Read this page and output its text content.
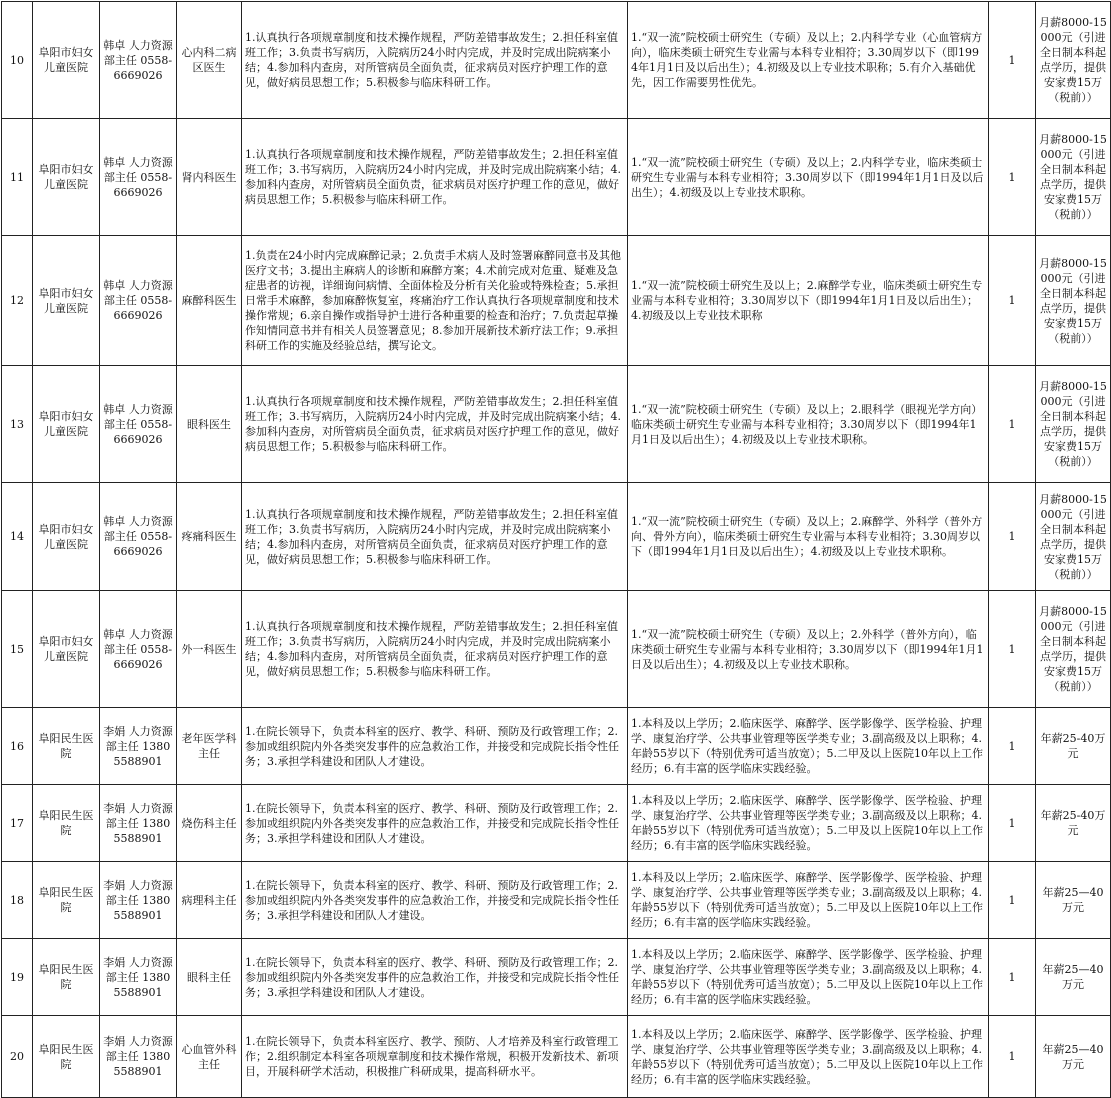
10	阜阳市妇女儿童医院	韩卓 人力资源部主任 0558-6669026	心内科二病区医生	1.认真执行各项规章制度和技术操作规程，严防差错事故发生；2.担任科室值班工作；3.负责书写病历，入院病历24小时内完成，并及时完成出院病案小结；4.参加科内查房，对所管病员全面负责，征求病员对医疗护理工作的意见，做好病员思想工作；5.积极参与临床科研工作。	1.“双一流”院校硕士研究生（专硕）及以上；2.内科学专业（心血管病方向），临床类硕士研究生专业需与本科专业相符；3.30周岁以下（即1994年1月1日及以后出生）；4.初级及以上专业技术职称；5.有介入基础优先，因工作需要男性优先。	1	月薪8000-15000元（引进全日制本科起点学历，提供安家费15万（税前））
11	阜阳市妇女儿童医院	韩卓 人力资源部主任 0558-6669026	肾内科医生	1.认真执行各项规章制度和技术操作规程，严防差错事故发生；2.担任科室值班工作；3.书写病历，入院病历24小时内完成，并及时完成出院病案小结；4.参加科内查房，对所管病员全面负责，征求病员对医疗护理工作的意见，做好病员思想工作；5.积极参与临床科研工作。	1.“双一流”院校硕士研究生（专硕）及以上；2.内科学专业，临床类硕士研究生专业需与本科专业相符；3.30周岁以下（即1994年1月1日及以后出生）；4.初级及以上专业技术职称。	1	月薪8000-15000元（引进全日制本科起点学历，提供安家费15万（税前））
12	阜阳市妇女儿童医院	韩卓 人力资源部主任 0558-6669026	麻醉科医生	1.负责在24小时内完成麻醉记录；2.负责手术病人及时签署麻醉同意书及其他医疗文书；3.提出主麻病人的诊断和麻醉方案；4.术前完成对危重、疑难及急症患者的访视，详细询问病情、全面体检及分析有关化验或特殊检查；5.承担日常手术麻醉，参加麻醉恢复室，疼痛治疗工作认真执行各项规章制度和技术操作常规；6.亲自操作或指导护士进行各种重要的检查和治疗；7.负责起草操作知情同意书并有相关人员签署意见；8.参加开展新技术新疗法工作；9.承担科研工作的实施及经验总结，撰写论文。	1.“双一流”院校硕士研究生及以上；2.麻醉学专业，临床类硕士研究生专业需与本科专业相符；3.30周岁以下（即1994年1月1日及以后出生）；4.初级及以上专业技术职称	1	月薪8000-15000元（引进全日制本科起点学历，提供安家费15万（税前））
13	阜阳市妇女儿童医院	韩卓 人力资源部主任 0558-6669026	眼科医生	1.认真执行各项规章制度和技术操作规程，严防差错事故发生；2.担任科室值班工作；3.书写病历，入院病历24小时内完成，并及时完成出院病案小结；4.参加科内查房，对所管病员全面负责，征求病员对医疗护理工作的意见，做好病员思想工作；5.积极参与临床科研工作。	1.“双一流”院校硕士研究生（专硕）及以上；2.眼科学（眼视光学方向）临床类硕士研究生专业需与本科专业相符；3.30周岁以下（即1994年1月1日及以后出生）；4.初级及以上专业技术职称。	1	月薪8000-15000元（引进全日制本科起点学历，提供安家费15万（税前））
14	阜阳市妇女儿童医院	韩卓 人力资源部主任 0558-6669026	疼痛科医生	1.认真执行各项规章制度和技术操作规程，严防差错事故发生；2.担任科室值班工作；3.负责书写病历，入院病历24小时内完成，并及时完成出院病案小结；4.参加科内查房，对所管病员全面负责，征求病员对医疗护理工作的意见，做好病员思想工作；5.积极参与临床科研工作。	1.“双一流”院校硕士研究生（专硕）及以上；2.麻醉学、外科学（普外方向、骨外方向），临床类硕士研究生专业需与本科专业相符；3.30周岁以下（即1994年1月1日及以后出生）；4.初级及以上专业技术职称。	1	月薪8000-15000元（引进全日制本科起点学历，提供安家费15万（税前））
15	阜阳市妇女儿童医院	韩卓 人力资源部主任 0558-6669026	外一科医生	1.认真执行各项规章制度和技术操作规程，严防差错事故发生；2.担任科室值班工作；3.负责书写病历，入院病历24小时内完成，并及时完成出院病案小结；4.参加科内查房，对所管病员全面负责，征求病员对医疗护理工作的意见，做好病员思想工作；5.积极参与临床科研工作。	1.“双一流”院校硕士研究生（专硕）及以上；2.外科学（普外方向），临床类硕士研究生专业需与本科专业相符；3.30周岁以下（即1994年1月1日及以后出生）；4.初级及以上专业技术职称。	1	月薪8000-15000元（引进全日制本科起点学历，提供安家费15万（税前））
16	阜阳民生医院	李娟 人力资源部主任 13805588901	老年医学科主任	1.在院长领导下，负责本科室的医疗、教学、科研、预防及行政管理工作；2.参加或组织院内外各类突发事件的应急救治工作，并接受和完成院长指令性任务；3.承担学科建设和团队人才建设。	1.本科及以上学历；2.临床医学、麻醉学、医学影像学、医学检验、护理学、康复治疗学、公共事业管理等医学类专业；3.副高级及以上职称；4.年龄55岁以下（特别优秀可适当放宽）；5.二甲及以上医院10年以上工作经历；6.有丰富的医学临床实践经验。	1	年薪25-40万元
17	阜阳民生医院	李娟 人力资源部主任 13805588901	烧伤科主任	1.在院长领导下，负责本科室的医疗、教学、科研、预防及行政管理工作；2.参加或组织院内外各类突发事件的应急救治工作，并接受和完成院长指令性任务；3.承担学科建设和团队人才建设。	1.本科及以上学历；2.临床医学、麻醉学、医学影像学、医学检验、护理学、康复治疗学、公共事业管理等医学类专业；3.副高级及以上职称；4.年龄55岁以下（特别优秀可适当放宽）；5.二甲及以上医院10年以上工作经历；6.有丰富的医学临床实践经验。	1	年薪25-40万元
18	阜阳民生医院	李娟 人力资源部主任 13805588901	病理科主任	1.在院长领导下，负责本科室的医疗、教学、科研、预防及行政管理工作；2.参加或组织院内外各类突发事件的应急救治工作，并接受和完成院长指令性任务；3.承担学科建设和团队人才建设。	1.本科及以上学历；2.临床医学、麻醉学、医学影像学、医学检验、护理学、康复治疗学、公共事业管理等医学类专业；3.副高级及以上职称；4.年龄55岁以下（特别优秀可适当放宽）；5.二甲及以上医院10年以上工作经历；6.有丰富的医学临床实践经验。	1	年薪25—40万元
19	阜阳民生医院	李娟 人力资源部主任 13805588901	眼科主任	1.在院长领导下，负责本科室的医疗、教学、科研、预防及行政管理工作；2.参加或组织院内外各类突发事件的应急救治工作，并接受和完成院长指令性任务；3.承担学科建设和团队人才建设。	1.本科及以上学历；2.临床医学、麻醉学、医学影像学、医学检验、护理学、康复治疗学、公共事业管理等医学类专业；3.副高级及以上职称；4.年龄55岁以下（特别优秀可适当放宽）；5.二甲及以上医院10年以上工作经历；6.有丰富的医学临床实践经验。	1	年薪25—40万元
20	阜阳民生医院	李娟 人力资源部主任 13805588901	心血管外科主任	1.在院长领导下，负责本科室医疗、教学、预防、人才培养及科室行政管理工作；2.组织制定本科室各项规章制度和技术操作常规，积极开发新技术、新项目，开展科研学术活动，积极推广科研成果，提高科研水平。	1.本科及以上学历；2.临床医学、麻醉学、医学影像学、医学检验、护理学、康复治疗学、公共事业管理等医学类专业；3.副高级及以上职称；4.年龄55岁以下（特别优秀可适当放宽）；5.二甲及以上医院10年以上工作经历；6.有丰富的医学临床实践经验。	1	年薪25—40万元
